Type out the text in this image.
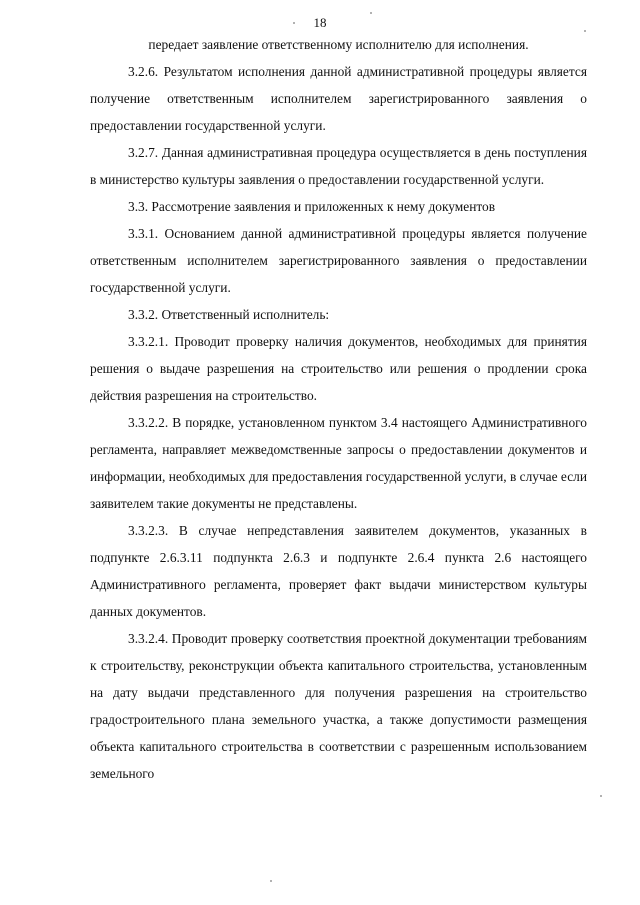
18

передает заявление ответственному исполнителю для исполнения.

3.2.6. Результатом исполнения данной административной процедуры является получение ответственным исполнителем зарегистрированного заявления о предоставлении государственной услуги.

3.2.7. Данная административная процедура осуществляется в день поступления в министерство культуры заявления о предоставлении государственной услуги.

3.3. Рассмотрение заявления и приложенных к нему документов

3.3.1. Основанием данной административной процедуры является получение ответственным исполнителем зарегистрированного заявления о предоставлении государственной услуги.

3.3.2. Ответственный исполнитель:

3.3.2.1. Проводит проверку наличия документов, необходимых для принятия решения о выдаче разрешения на строительство или решения о продлении срока действия разрешения на строительство.

3.3.2.2. В порядке, установленном пунктом 3.4 настоящего Административного регламента, направляет межведомственные запросы о предоставлении документов и информации, необходимых для предоставления государственной услуги, в случае если заявителем такие документы не представлены.

3.3.2.3. В случае непредставления заявителем документов, указанных в подпункте 2.6.3.11 подпункта 2.6.3 и подпункте 2.6.4 пункта 2.6 настоящего Административного регламента, проверяет факт выдачи министерством культуры данных документов.

3.3.2.4. Проводит проверку соответствия проектной документации требованиям к строительству, реконструкции объекта капитального строительства, установленным на дату выдачи представленного для получения разрешения на строительство градостроительного плана земельного участка, а также допустимости размещения объекта капитального строительства в соответствии с разрешенным использованием земельного
